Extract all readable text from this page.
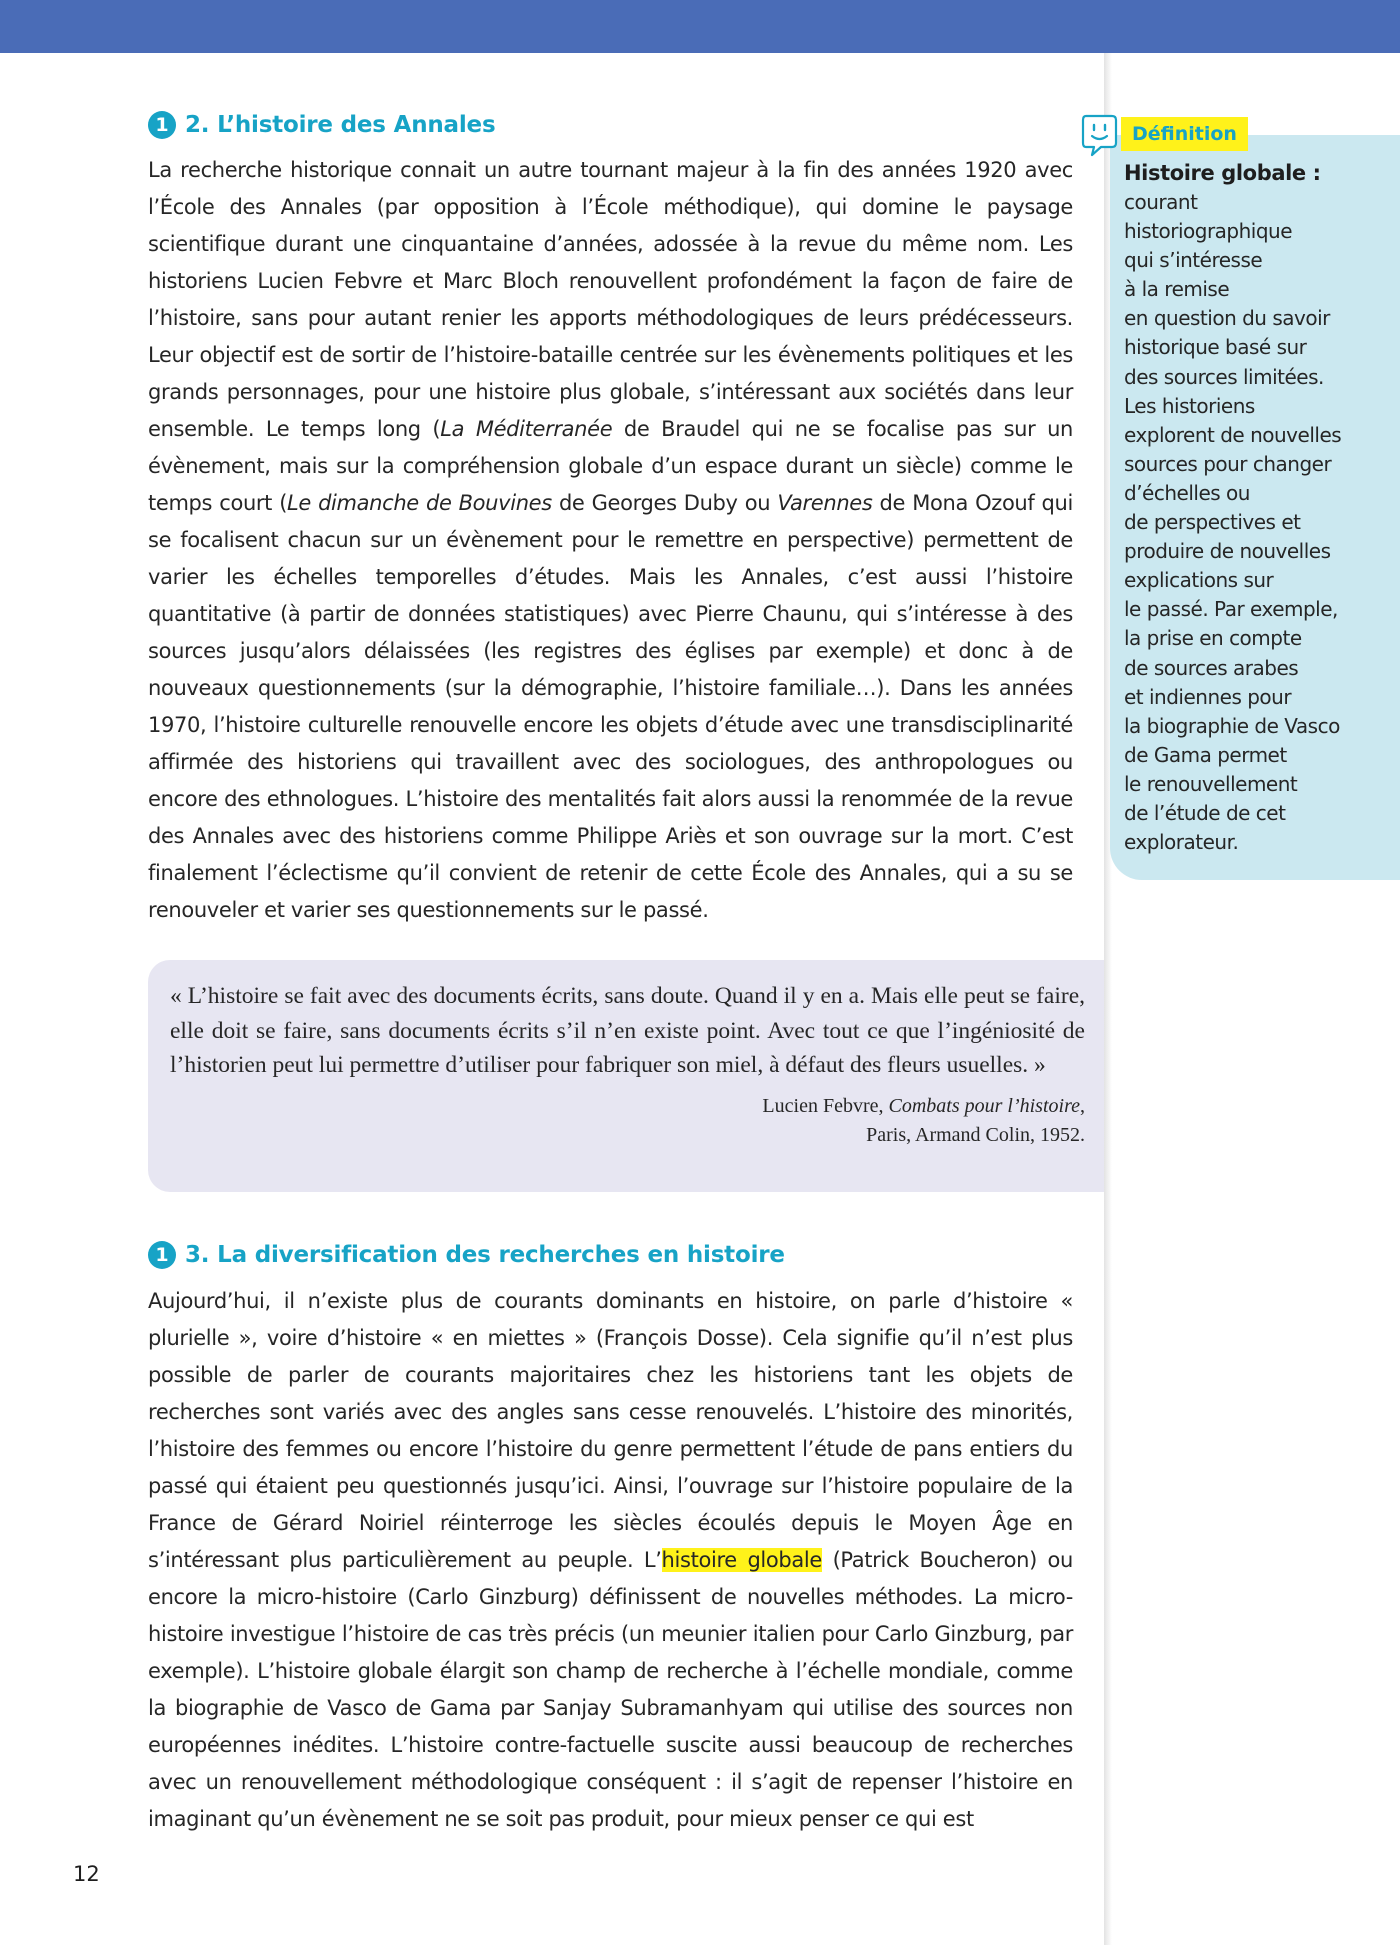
1 2. L’histoire des Annales

La recherche historique connait un autre tournant majeur à la fin des années 1920 avec l’École des Annales (par opposition à l’École méthodique), qui domine le paysage scientifique durant une cinquantaine d’années, adossée à la revue du même nom. Les historiens Lucien Febvre et Marc Bloch renouvellent profondément la façon de faire de l’histoire, sans pour autant renier les apports méthodologiques de leurs prédécesseurs. Leur objectif est de sortir de l’histoire-bataille centrée sur les évènements politiques et les grands personnages, pour une histoire plus globale, s’intéressant aux sociétés dans leur ensemble. Le temps long (La Méditerranée de Braudel qui ne se focalise pas sur un évènement, mais sur la compréhension globale d’un espace durant un siècle) comme le temps court (Le dimanche de Bouvines de Georges Duby ou Varennes de Mona Ozouf qui se focalisent chacun sur un évènement pour le remettre en perspective) permettent de varier les échelles temporelles d’études. Mais les Annales, c’est aussi l’histoire quantitative (à partir de données statistiques) avec Pierre Chaunu, qui s’intéresse à des sources jusqu’alors délaissées (les registres des églises par exemple) et donc à de nouveaux questionnements (sur la démographie, l’histoire familiale…). Dans les années 1970, l’histoire culturelle renouvelle encore les objets d’étude avec une transdisciplinarité affirmée des historiens qui travaillent avec des sociologues, des anthropologues ou encore des ethnologues. L’histoire des mentalités fait alors aussi la renommée de la revue des Annales avec des historiens comme Philippe Ariès et son ouvrage sur la mort. C’est finalement l’éclectisme qu’il convient de retenir de cette École des Annales, qui a su se renouveler et varier ses questionnements sur le passé.

« L’histoire se fait avec des documents écrits, sans doute. Quand il y en a. Mais elle peut se faire, elle doit se faire, sans documents écrits s’il n’en existe point. Avec tout ce que l’ingéniosité de l’historien peut lui permettre d’utiliser pour fabriquer son miel, à défaut des fleurs usuelles. »

Lucien Febvre, Combats pour l’histoire,
Paris, Armand Colin, 1952.
1 3. La diversification des recherches en histoire

Aujourd’hui, il n’existe plus de courants dominants en histoire, on parle d’histoire « plurielle », voire d’histoire « en miettes » (François Dosse). Cela signifie qu’il n’est plus possible de parler de courants majoritaires chez les historiens tant les objets de recherches sont variés avec des angles sans cesse renouvelés. L’histoire des minorités, l’histoire des femmes ou encore l’histoire du genre permettent l’étude de pans entiers du passé qui étaient peu questionnés jusqu’ici. Ainsi, l’ouvrage sur l’histoire populaire de la France de Gérard Noiriel réinterroge les siècles écoulés depuis le Moyen Âge en s’intéressant plus particulièrement au peuple. L’histoire globale (Patrick Boucheron) ou encore la micro-histoire (Carlo Ginzburg) définissent de nouvelles méthodes. La micro-histoire investigue l’histoire de cas très précis (un meunier italien pour Carlo Ginzburg, par exemple). L’histoire globale élargit son champ de recherche à l’échelle mondiale, comme la biographie de Vasco de Gama par Sanjay Subramanhyam qui utilise des sources non européennes inédites. L’histoire contre-factuelle suscite aussi beaucoup de recherches avec un renouvellement méthodologique conséquent : il s’agit de repenser l’histoire en imaginant qu’un évènement ne se soit pas produit, pour mieux penser ce qui est

Histoire globale :
courant
historiographique
qui s’intéresse
à la remise
en question du savoir
historique basé sur
des sources limitées.
Les historiens
explorent de nouvelles
sources pour changer
d’échelles ou
de perspectives et
produire de nouvelles
explications sur
le passé. Par exemple,
la prise en compte
de sources arabes
et indiennes pour
la biographie de Vasco
de Gama permet
le renouvellement
de l’étude de cet
explorateur.
Définition
12
